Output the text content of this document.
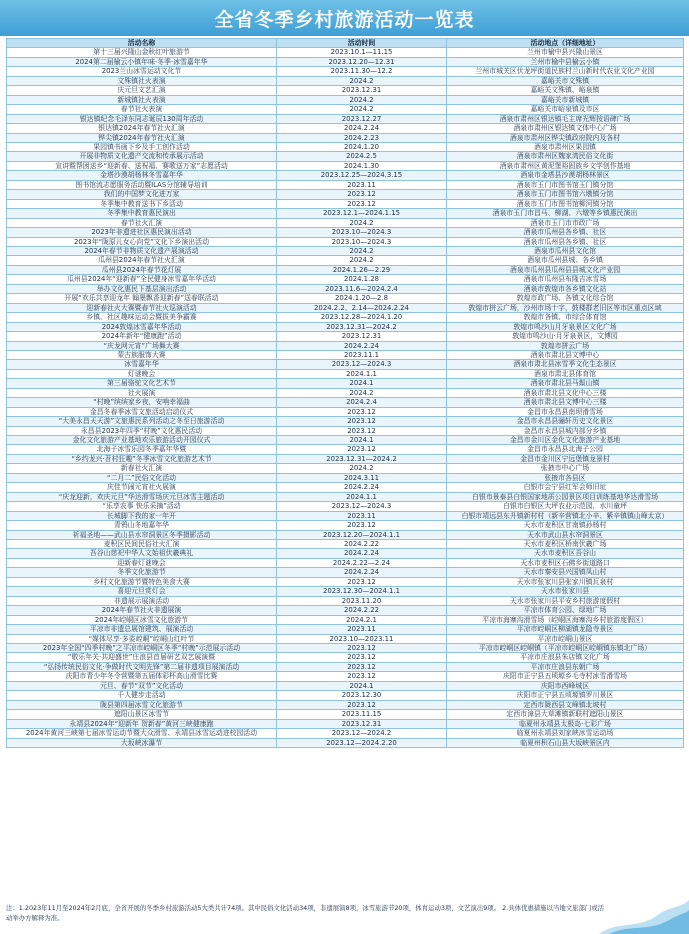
全省冬季乡村旅游活动一览表
活动名称	活动时间	活动地点（详细地址）
第十三届兴隆山金秋红叶旅游节	2023.10.1—11.15	兰州市榆中县兴隆山景区
2024第二届榆云小镇年味·冬季·冰雪嘉年华	2023.12.20—12.31	兰州市榆中县榆云小镇
2023兰山冰雪运动文化节	2023.11.30—12.2	兰州市城关区伏龙坪街道民族村兰山新时代农业文化产业园
文殊镇社火表演	2024.2	嘉峪关市文殊镇
庆元旦文艺汇演	2023.12.31	嘉峪关文殊镇、峪泉镇
新城镇社火表演	2024.2	嘉峪关市新城镇
春节社火表演	2024.2	嘉峪关市峪泉镇及市区
银达镇纪念毛泽东同志诞辰130周年活动	2023.12.27	酒泉市肃州区银达镇毛主席光辉按语碑广场
银达镇2024年春节社火汇演	2024.2.24	酒泉市肃州区银达镇文体中心广场
铧尖镇2024年春节社火汇演	2024.2.23	酒泉市肃州区铧尖镇政府院内及各村
果园镇书画下乡及手工创作活动	2024.1.20	酒泉市肃州区果园镇
开展非物质文化遗产交流和传承展示活动	2024.2.5	酒泉市肃州区魏家湾民俗文化街
宣讲暨帮困送乡“迎新春、送祝福、赛歌送万家”志愿活动	2024.1.30	酒泉市肃州区黄泥堡裕固族乡文学创作基地
金塔沙漠胡杨林冬雪嘉年华	2023.12.25—2024.3.15	酒泉市金塔县沙漠胡杨林景区
图书馆流志愿服务活动暨ILAS分馆辅导培训	2023.11	酒泉市玉门市图书馆玉门镇分馆
我们的中国梦文化进万家	2023.12	酒泉市玉门市图书馆六墩镇分馆
冬季集中教育送书下乡活动	2023.12	酒泉市玉门市图书馆柳河镇分馆
冬季集中教育惠民演出	2023.12.1—2024.1.15	酒泉市玉门市昌马、柳湖、六墩等乡镇惠民演出
春节社火汇演	2024.2	酒泉市玉门市市政广场
2023年非遗进社区惠民演出活动	2023.10—2024.3	酒泉市瓜州县各乡镇、社区
2023年“陇原儿女心向党”文化下乡演出活动	2023.10—2024.3	酒泉市瓜州县各乡镇、社区
2024年春节非物质文化遗产展演活动	2024.2	酒泉市瓜州县文化馆
瓜州县2024年春节社火汇演	2024.2	酒泉市瓜州县城、各乡镇
瓜州县2024年春节花灯展	2024.1.26—2.29	酒泉市瓜州县瓜州县县城文化产业园
瓜州县2024年“迎新春”全民健身冰雪嘉年华活动	2024.1.28	酒泉市瓜州县布隆吉冰雪场
举办文化惠民下基层演出活动	2023.11.6—2024.2.4	酒泉市敦煌市各乡镇文化站
开展“欢乐共享迎龙年 翰墨飘香迎新春”送春联活动	2024.1.20—2.8	敦煌市政广场、各镇文化综合馆
迎新春社火大赛暨春节社火巡演活动	2024.2.2、2.14—2024.2.24	敦煌市拼云广场，沙州市场十字，鼓楼群老旧区等市区重点区域
乡镇、社区趣味运动会暨拔美争霸赛	2023.12.28—2024.1.20	敦煌市各镇、市综合体育馆
2024敦煌冰雪嘉年华活动	2023.12.31—2024.2	敦煌市鸣沙山月牙泉景区文化广场
2024年新年“健康跑”活动	2023.12.31	敦煌市鸣沙山·月牙泉景区，文博园
“庆龙网元宵”广场舞大赛	2024.2.24	敦煌市拼云广场
蒙古族服饰大赛	2023.11.1	酒泉市肃北县文博中心
冰雪嘉年华	2023.12—2024.3	酒泉市肃北县冰雪季文化生态景区
灯谜晚会	2024.1.1	酒泉市肃北县体育馆
第三届骆驼文化艺术节	2024.1	酒泉市肃北县马鬃山镇
社火展演	2024.2	酒泉市肃北县文化中心三楼
“村晚”缤缤家乡夜，安响幸福曲	2024.2.4	酒泉市肃北县文博中心三楼
金昌冬春季冰雪文旅活动启动仪式	2023.12	金昌市永昌县南坝滑雪场
“大美永昌天天游”文旅惠民系列活动之冬至日旅游活动	2023.12	金昌市永昌县骊轩历史文化景区
永昌县2023年四季“村晚”文化惠民活动	2023.12	金昌市永昌县城内部分乡镇
金化文化旅游产业基地欢乐旅游活动开园仪式	2024.1	金昌市金川区金化文化旅游产业基地
北海子冰雪乐园冬季嘉年华暨	2023.12	金昌市永昌县北海子公园
“乡约龙兴·苕村狂趣”冬季冰雪文化旅游艺术节	2023.12.31—2024.2	金昌市金川区宁远堡镇龙景村
新春社火汇演	2024.2	张掖市中心广场
“二月二”民俗文化活动	2024.3.11	张掖市各县区
庆佳节闹元宵社火展演	2024.2.24	白银市会宁县红军会师旧址
“庆龙迎新，欢庆元旦”华达滑雪场庆元旦冰雪主题活动	2024.1.1	白银市景泰县白银国家地质公园景区项目训练基地华达滑雪场
“乐享农事 快乐采摘”活动	2023.12—2024.3	白银市白银区大坪农业示范园，水川童坪
长城脚下我的家一年开	2023.11	白银市靖远县东升镇新村村（新辛营镇北小辛、紫辛镇镇山峰太京）
青鸦山冬地嘉年华	2023.12	天水市麦积区甘南镇孙杨村
祈福圣地——武山县水帘洞景区冬季摄影活动	2023.12.20—2024.1.1	天水市武山县水帘洞景区
麦积区民间民俗社火汇演	2024.2.22	天水市麦积区桥南伏羲广场
吾谷山慈祀中华人文始祖伏羲典礼	2024.2.24	天水市麦积区吾谷山
迎新春灯谜晚会	2024.2.22—2.24	天水市麦积区石佛乡街道路口
冬季文化旅游节	2024.2.24	天水市秦安县兴国镇凤山村
乡村文化旅游节暨特色美食大赛	2023.12	天水市张家川县张家川镇瓦泉村
喜迎元旦赏灯会	2023.12.30—2024.1.1	天水市张家川县
非遗展示展演活动	2023.11.20	天水市张家川县平安乡村旅游度假村
2024年春节社火非遗展演	2024.2.22	平凉市体育公园、绿地广场
2024年崆峒区冰雪文化旅游节	2024.2.1	平凉市海寨沟滑雪场（崆峒区海寨沟乡村旅游度假区）
平凉市非遗总展馆建筑、展演活动	2023.11	平凉市崆峒区柳湖镇龙隐寺景区
“媒体尽享·多姿崆峒”崆峒山红叶节	2023.10—2023.11	平凉市崆峒山景区
2023年全国“四季村晚”之平凉市崆峒区冬季“村晚”示范展示活动	2023.12	平凉市崆峒区崆峒镇（平凉市崆峒区崆峒镇东镇北广场）
“敬乐年关·共迎盛世”庄浪县首届研艺双艺展演暨	2023.12	平凉市庄浪县朱店镇文化广场
“弘扬传统民俗文化·争做时代文明先锋”第二届非遗项目展演活动	2023.12	平凉市庄浪县东朝广场
庆阳市青少年冬令营暨第五届体彩杯高山滑雪比赛	2023.12	庆阳市正宁县五顷塬乡毛寺村冰雪滑雪场
元旦、春节“双节”文化活动	2024.1	庆阳市西峰城区
千人健步走活动	2023.12.30	庆阳市正宁县五顷塬镇罗川景区
陇县第四届冰雪文化旅游节	2023.12	定西市陇西县文峰镇北坡村
遮阳山景区冰雪节	2023.11.15	定西市漳县大草滩镇新联村遮阳山景区
永靖县2024年“迎新年 贺新春”黄河三峡健康跑	2023.12.31	临夏州永靖县太极岛·七彩广场
2024年黄河三峡第七届冰雪运动节暨大众滑雪、永靖县冰雪运动进校园活动	2023.12—2024.2	临夏州永靖县刘家峡冰雪运动场
大坂峡冰瀑节	2023.12—2024.2.20	临夏州积石山县大坂峡景区内
注：1.2023年11月至2024年2月底，全省开展的冬季乡村旅游活动5大类共计74项。其中民俗文化活动34项，非遗展演8项，冰雪旅游节20项，体育运动3项，文艺演出9项。 2.具体优惠措施以当地文旅部门或活动举办方解释为准。
